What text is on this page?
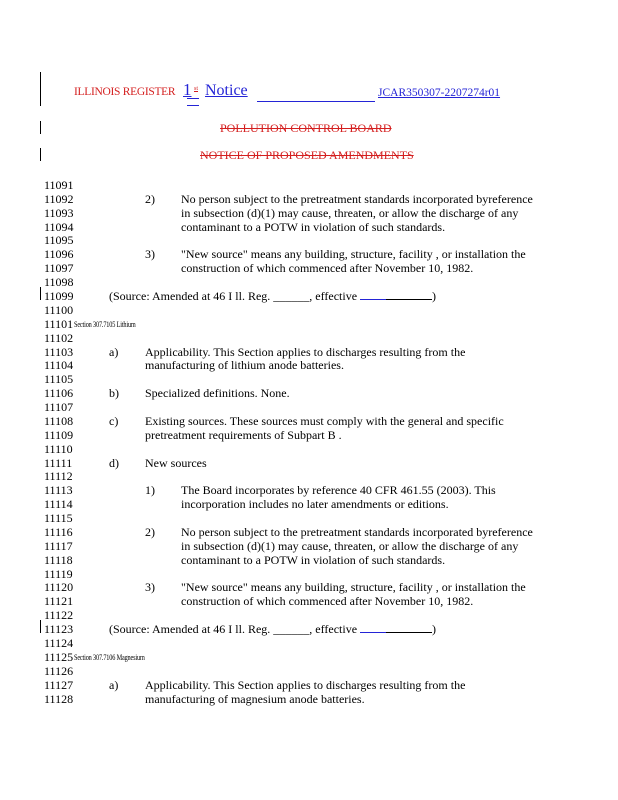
ILLINOIS REGISTER 1 st Notice	JCAR350307-2207274r01
POLLUTION CONTROL BOARD
NOTICE OF PROPOSED AMENDMENTS
11091
11092
11093
11094
11095
11096
11097
11098
11099
11100
11101
11102
11103
11104
11105
11106
11107
11108
11109
11110
11111
11112
11113
11114
11115
11116
11117
11118
11119
11120
11121
11122
11123
11124
11125
11126
11127
11128
2) No person subject to the pretreatment standards incorporated byreference
in subsection (d)(1) may cause, threaten, or allow the discharge of any
contaminant to a POTW in violation of such standards.
3) "New source" means any building, structure, facility , or installation the
construction of which commenced after November 10, 1982.
(Source: Amended at 46 I ll. Reg. ______, effective	)
Section 307.7105 Lithium
a) Applicability. This Section applies to discharges resulting from the
manufacturing of lithium anode batteries.
b) Specialized definitions. None.
c) Existing sources. These sources must comply with the general and specific
pretreatment requirements of Subpart B .
d) New sources
1) The Board incorporates by reference 40 CFR 461.55 (2003). This
incorporation includes no later amendments or editions.
2) No person subject to the pretreatment standards incorporated byreference
in subsection (d)(1) may cause, threaten, or allow the discharge of any
contaminant to a POTW in violation of such standards.
3) "New source" means any building, structure, facility , or installation the
construction of which commenced after November 10, 1982.
(Source: Amended at 46 I ll. Reg. ______, effective	)
Section 307.7106 Magnesium
a) Applicability. This Section applies to discharges resulting from the
manufacturing of magnesium anode batteries.
